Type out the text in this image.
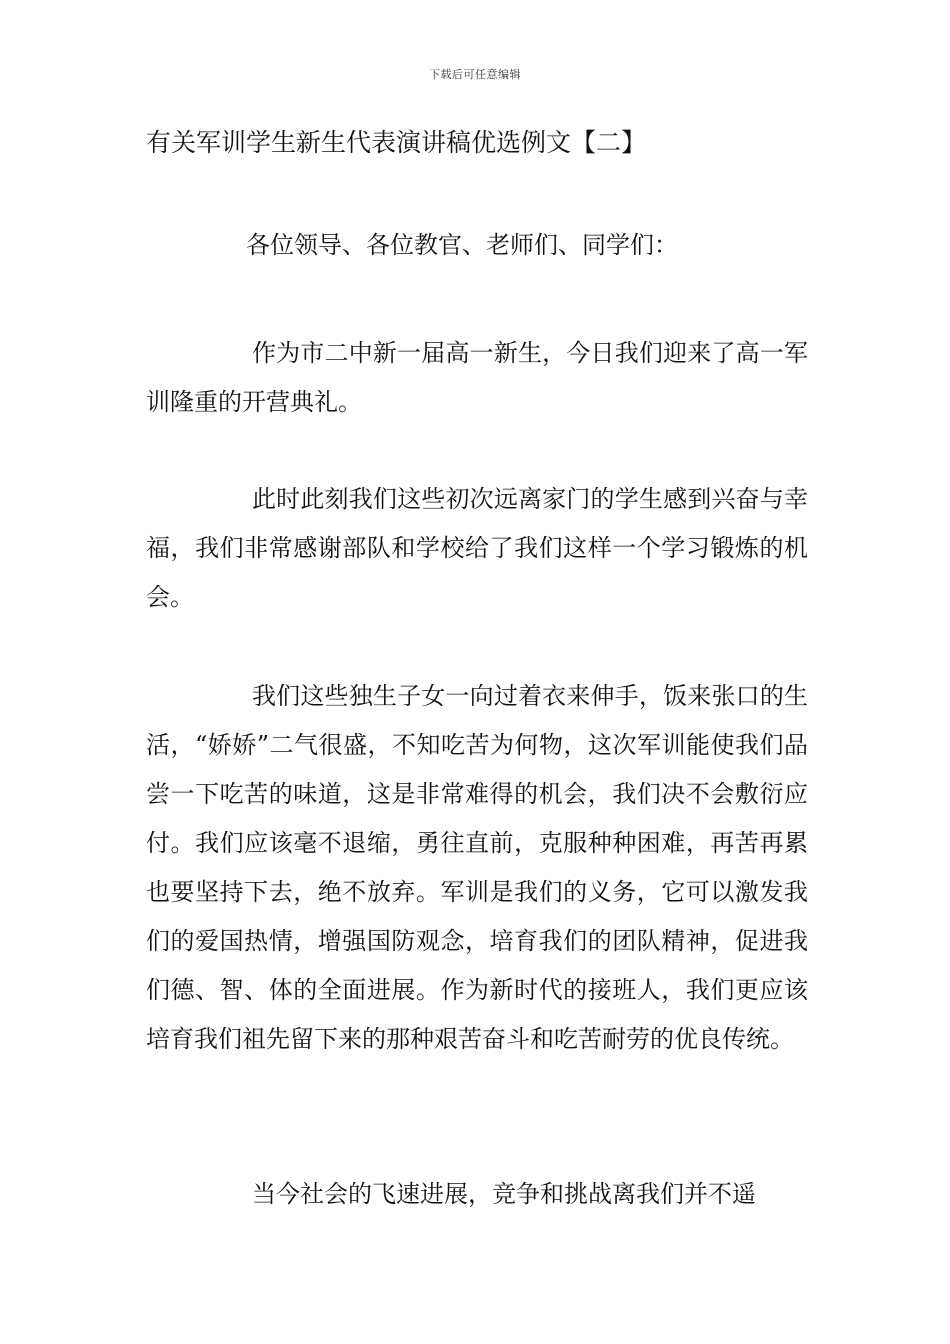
下载后可任意编辑
有关军训学生新生代表演讲稿优选例文【二】

各位领导、各位教官、老师们、同学们：

作为市二中新一届高一新生，今日我们迎来了高一军训隆重的开营典礼。

此时此刻我们这些初次远离家门的学生感到兴奋与幸福，我们非常感谢部队和学校给了我们这样一个学习锻炼的机会。

我们这些独生子女一向过着衣来伸手，饭来张口的生活，“娇娇”二气很盛，不知吃苦为何物，这次军训能使我们品尝一下吃苦的味道，这是非常难得的机会，我们决不会敷衍应付。我们应该毫不退缩，勇往直前，克服种种困难，再苦再累也要坚持下去，绝不放弃。军训是我们的义务，它可以激发我们的爱国热情，增强国防观念，培育我们的团队精神，促进我们德、智、体的全面进展。作为新时代的接班人，我们更应该培育我们祖先留下来的那种艰苦奋斗和吃苦耐劳的优良传统。

当今社会的飞速进展，竞争和挑战离我们并不遥
